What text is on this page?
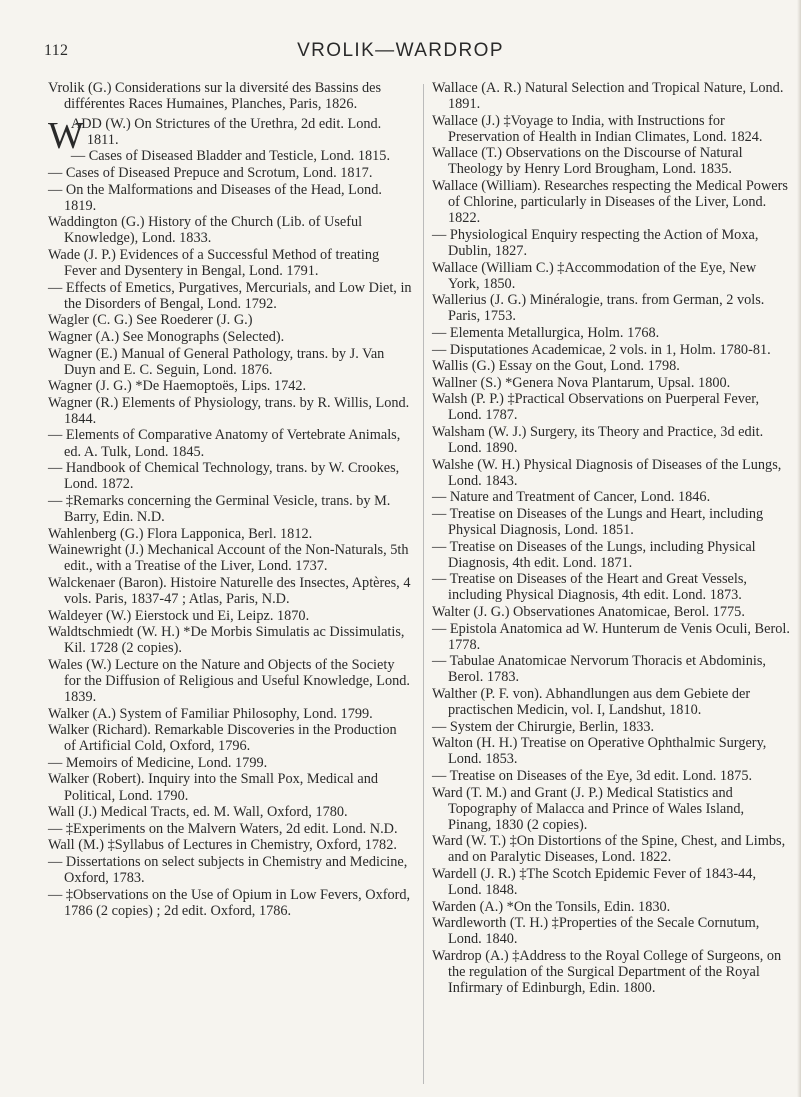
112	VROLIK—WARDROP

Vrolik (G.) Considerations sur la diversité des Bassins des différentes Races Humaines, Planches, Paris, 1826.

W
ADD (W.) On Strictures of the Urethra, 2d edit. Lond. 1811.

— Cases of Diseased Bladder and Testicle, Lond. 1815.

— Cases of Diseased Prepuce and Scrotum, Lond. 1817.

— On the Malformations and Diseases of the Head, Lond. 1819.

Waddington (G.) History of the Church (Lib. of Useful Knowledge), Lond. 1833.

Wade (J. P.) Evidences of a Successful Method of treating Fever and Dysentery in Bengal, Lond. 1791.

— Effects of Emetics, Purgatives, Mercurials, and Low Diet, in the Disorders of Bengal, Lond. 1792.

Wagler (C. G.) See Roederer (J. G.)

Wagner (A.) See Monographs (Selected).

Wagner (E.) Manual of General Pathology, trans. by J. Van Duyn and E. C. Seguin, Lond. 1876.

Wagner (J. G.) *De Haemoptoës, Lips. 1742.

Wagner (R.) Elements of Physiology, trans. by R. Willis, Lond. 1844.

— Elements of Comparative Anatomy of Vertebrate Animals, ed. A. Tulk, Lond. 1845.

— Handbook of Chemical Technology, trans. by W. Crookes, Lond. 1872.

— ‡Remarks concerning the Germinal Vesicle, trans. by M. Barry, Edin. N.D.

Wahlenberg (G.) Flora Lapponica, Berl. 1812.

Wainewright (J.) Mechanical Account of the Non-Naturals, 5th edit., with a Treatise of the Liver, Lond. 1737.

Walckenaer (Baron). Histoire Naturelle des Insectes, Aptères, 4 vols. Paris, 1837-47 ; Atlas, Paris, N.D.

Waldeyer (W.) Eierstock und Ei, Leipz. 1870.

Waldtschmiedt (W. H.) *De Morbis Simulatis ac Dissimulatis, Kil. 1728 (2 copies).

Wales (W.) Lecture on the Nature and Objects of the Society for the Diffusion of Religious and Useful Knowledge, Lond. 1839.

Walker (A.) System of Familiar Philosophy, Lond. 1799.

Walker (Richard). Remarkable Discoveries in the Production of Artificial Cold, Oxford, 1796.

— Memoirs of Medicine, Lond. 1799.

Walker (Robert). Inquiry into the Small Pox, Medical and Political, Lond. 1790.

Wall (J.) Medical Tracts, ed. M. Wall, Oxford, 1780.

— ‡Experiments on the Malvern Waters, 2d edit. Lond. N.D.

Wall (M.) ‡Syllabus of Lectures in Chemistry, Oxford, 1782.

— Dissertations on select subjects in Chemistry and Medicine, Oxford, 1783.

— ‡Observations on the Use of Opium in Low Fevers, Oxford, 1786 (2 copies) ; 2d edit. Oxford, 1786.

Wallace (A. R.) Natural Selection and Tropical Nature, Lond. 1891.

Wallace (J.) ‡Voyage to India, with Instructions for Preservation of Health in Indian Climates, Lond. 1824.

Wallace (T.) Observations on the Discourse of Natural Theology by Henry Lord Brougham, Lond. 1835.

Wallace (William). Researches respecting the Medical Powers of Chlorine, particularly in Diseases of the Liver, Lond. 1822.

— Physiological Enquiry respecting the Action of Moxa, Dublin, 1827.

Wallace (William C.) ‡Accommodation of the Eye, New York, 1850.

Wallerius (J. G.) Minéralogie, trans. from German, 2 vols. Paris, 1753.

— Elementa Metallurgica, Holm. 1768.

— Disputationes Academicae, 2 vols. in 1, Holm. 1780-81.

Wallis (G.) Essay on the Gout, Lond. 1798.

Wallner (S.) *Genera Nova Plantarum, Upsal. 1800.

Walsh (P. P.) ‡Practical Observations on Puerperal Fever, Lond. 1787.

Walsham (W. J.) Surgery, its Theory and Practice, 3d edit. Lond. 1890.

Walshe (W. H.) Physical Diagnosis of Diseases of the Lungs, Lond. 1843.

— Nature and Treatment of Cancer, Lond. 1846.

— Treatise on Diseases of the Lungs and Heart, including Physical Diagnosis, Lond. 1851.

— Treatise on Diseases of the Lungs, including Physical Diagnosis, 4th edit. Lond. 1871.

— Treatise on Diseases of the Heart and Great Vessels, including Physical Diagnosis, 4th edit. Lond. 1873.

Walter (J. G.) Observationes Anatomicae, Berol. 1775.

— Epistola Anatomica ad W. Hunterum de Venis Oculi, Berol. 1778.

— Tabulae Anatomicae Nervorum Thoracis et Abdominis, Berol. 1783.

Walther (P. F. von). Abhandlungen aus dem Gebiete der practischen Medicin, vol. I, Landshut, 1810.

— System der Chirurgie, Berlin, 1833.

Walton (H. H.) Treatise on Operative Ophthalmic Surgery, Lond. 1853.

— Treatise on Diseases of the Eye, 3d edit. Lond. 1875.

Ward (T. M.) and Grant (J. P.) Medical Statistics and Topography of Malacca and Prince of Wales Island, Pinang, 1830 (2 copies).

Ward (W. T.) ‡On Distortions of the Spine, Chest, and Limbs, and on Paralytic Diseases, Lond. 1822.

Wardell (J. R.) ‡The Scotch Epidemic Fever of 1843-44, Lond. 1848.

Warden (A.) *On the Tonsils, Edin. 1830.

Wardleworth (T. H.) ‡Properties of the Secale Cornutum, Lond. 1840.

Wardrop (A.) ‡Address to the Royal College of Surgeons, on the regulation of the Surgical Department of the Royal Infirmary of Edinburgh, Edin. 1800.
